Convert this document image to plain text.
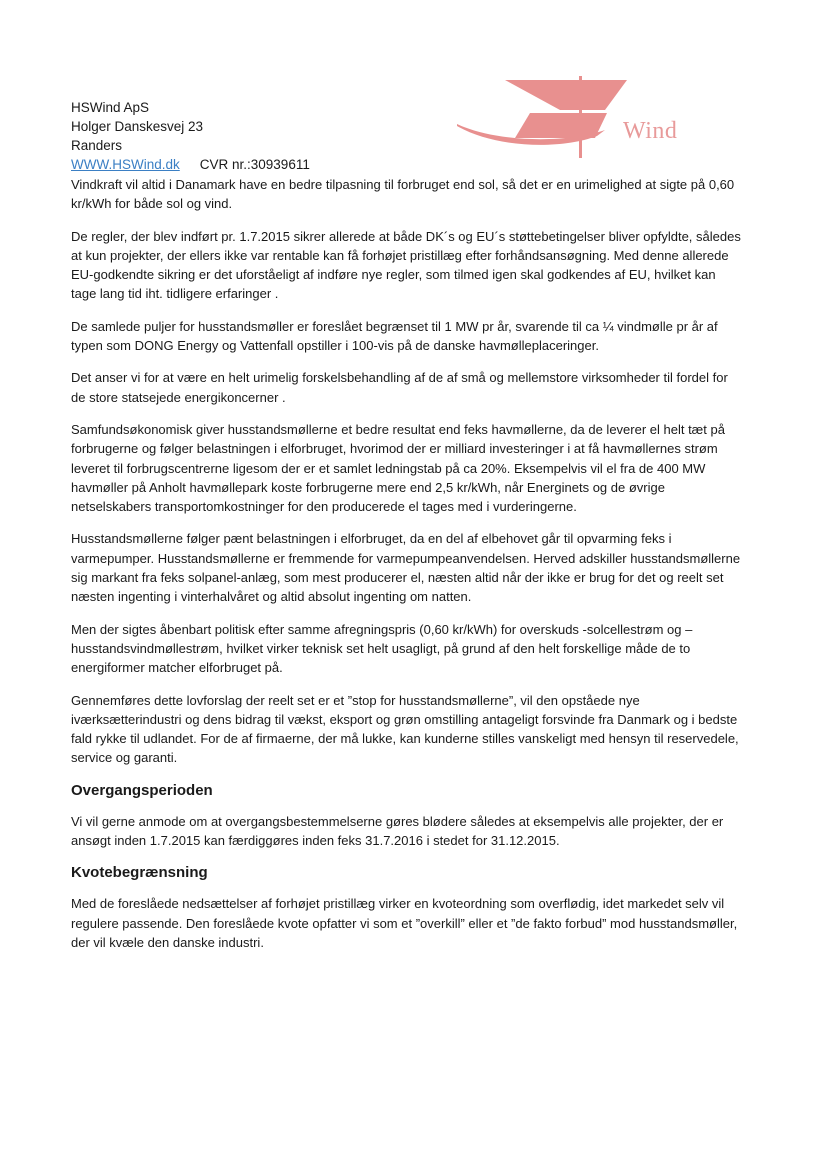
HSWind ApS
Holger Danskesvej 23
Randers
WWW.HSWind.dk CVR nr.:30939611
Wind

Vindkraft vil altid i Danamark have en bedre tilpasning til forbruget end sol, så det er en urimelighed at sigte på 0,60 kr/kWh for både sol og vind.

De regler, der blev indført pr. 1.7.2015 sikrer allerede at både DK´s og EU´s støttebetingelser bliver opfyldte, således at kun projekter, der ellers ikke var rentable kan få forhøjet pristillæg efter forhåndsansøgning. Med denne allerede EU-godkendte sikring er det uforståeligt af indføre nye regler, som tilmed igen skal godkendes af EU, hvilket kan tage lang tid iht. tidligere erfaringer .

De samlede puljer for husstandsmøller er foreslået begrænset til 1 MW pr år, svarende til ca ¼ vindmølle pr år af typen som DONG Energy og Vattenfall opstiller i 100-vis på de danske havmølleplaceringer.

Det anser vi for at være en helt urimelig forskelsbehandling af de af små og mellemstore virksomheder til fordel for de store statsejede energikoncerner .

Samfundsøkonomisk giver husstandsmøllerne et bedre resultat end feks havmøllerne, da de leverer el helt tæt på forbrugerne og følger belastningen i elforbruget, hvorimod der er milliard investeringer i at få havmøllernes strøm leveret til forbrugscentrerne ligesom der er et samlet ledningstab på ca 20%. Eksempelvis vil el fra de 400 MW havmøller på Anholt havmøllepark koste forbrugerne mere end 2,5 kr/kWh, når Energinets og de øvrige netselskabers transportomkostninger for den producerede el tages med i vurderingerne.

Husstandsmøllerne følger pænt belastningen i elforbruget, da en del af elbehovet går til opvarming feks i varmepumper. Husstandsmøllerne er fremmende for varmepumpeanvendelsen. Herved adskiller husstandsmøllerne sig markant fra feks solpanel-anlæg, som mest producerer el, næsten altid når der ikke er brug for det og reelt set næsten ingenting i vinterhalvåret og altid absolut ingenting om natten.

Men der sigtes åbenbart politisk efter samme afregningspris (0,60 kr/kWh) for overskuds -solcellestrøm og –husstandsvindmøllestrøm, hvilket virker teknisk set helt usagligt, på grund af den helt forskellige måde de to energiformer matcher elforbruget på.

Gennemføres dette lovforslag der reelt set er et ”stop for husstandsmøllerne”, vil den opståede nye iværksætterindustri og dens bidrag til vækst, eksport og grøn omstilling antageligt forsvinde fra Danmark og i bedste fald rykke til udlandet. For de af firmaerne, der må lukke, kan kunderne stilles vanskeligt med hensyn til reservedele, service og garanti.

Overgangsperioden

Vi vil gerne anmode om at overgangsbestemmelserne gøres blødere således at eksempelvis alle projekter, der er ansøgt inden 1.7.2015 kan færdiggøres inden feks 31.7.2016 i stedet for 31.12.2015.

Kvotebegrænsning

Med de foreslåede nedsættelser af forhøjet pristillæg virker en kvoteordning som overflødig, idet markedet selv vil regulere passende. Den foreslåede kvote opfatter vi som et ”overkill” eller et ”de fakto forbud” mod husstandsmøller, der vil kvæle den danske industri.
